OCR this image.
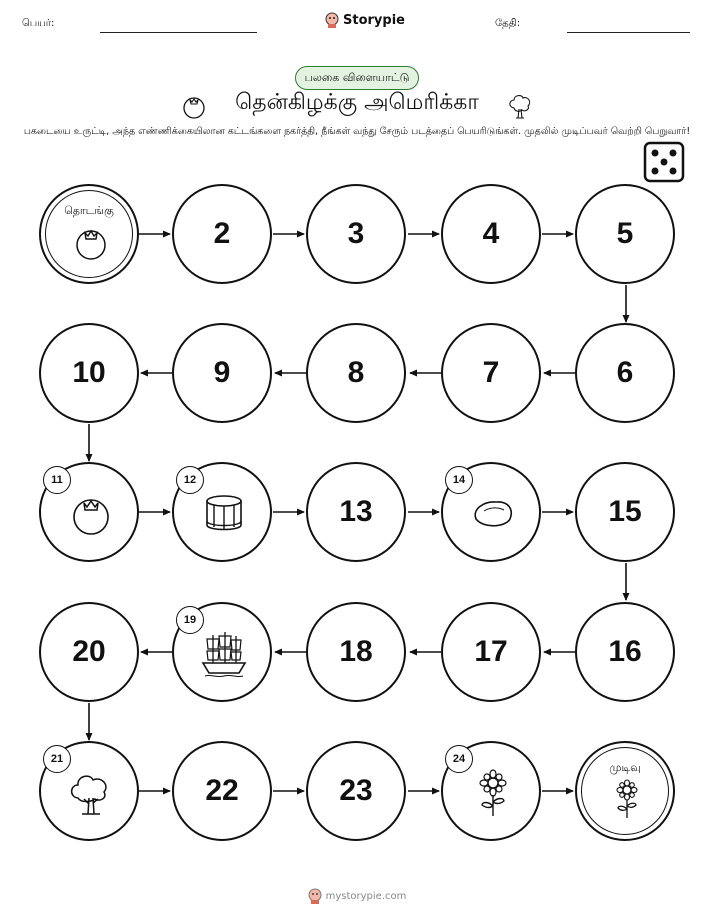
பெயர்:	Storypie	தேதி:
பலகை விளையாட்டு
தென்கிழக்கு அமெரிக்கா
பகடையை உருட்டி, அந்த எண்ணிக்கையிலான கட்டங்களை நகர்த்தி, நீங்கள் வந்து சேரும் படத்தைப் பெயரிடுங்கள். முதலில் முடிப்பவர் வெற்றி பெறுவார்!
தொடங்கு
2	3	4	5
6
7
8
9
10
11	12
13
14
15
16
17
18
19
20
21
22	23
24
முடிவு
mystorypie.com
